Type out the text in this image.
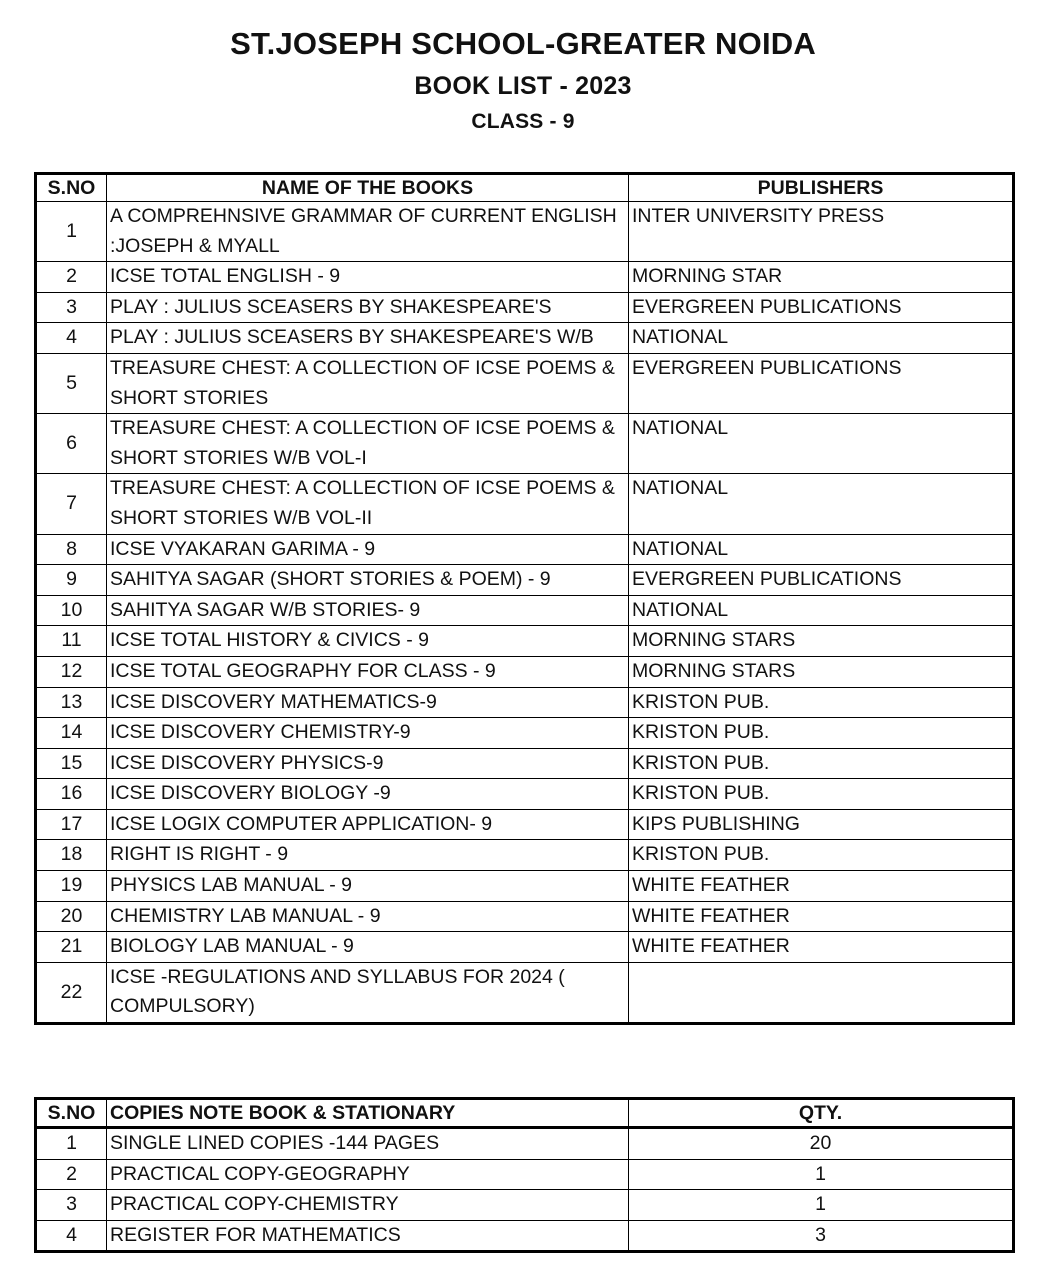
ST.JOSEPH SCHOOL-GREATER NOIDA
BOOK LIST - 2023
CLASS - 9
S.NO	NAME OF THE BOOKS	PUBLISHERS
1	A COMPREHNSIVE GRAMMAR OF CURRENT ENGLISH :JOSEPH & MYALL	INTER UNIVERSITY PRESS
2	ICSE TOTAL ENGLISH - 9	MORNING STAR
3	PLAY : JULIUS SCEASERS BY SHAKESPEARE'S	EVERGREEN PUBLICATIONS
4	PLAY : JULIUS SCEASERS BY SHAKESPEARE'S W/B	NATIONAL
5	TREASURE CHEST: A COLLECTION OF ICSE POEMS & SHORT STORIES	EVERGREEN PUBLICATIONS
6	TREASURE CHEST: A COLLECTION OF ICSE POEMS & SHORT STORIES W/B VOL-I	NATIONAL
7	TREASURE CHEST: A COLLECTION OF ICSE POEMS & SHORT STORIES W/B VOL-II	NATIONAL
8	ICSE VYAKARAN GARIMA - 9	NATIONAL
9	SAHITYA SAGAR (SHORT STORIES & POEM) - 9	EVERGREEN PUBLICATIONS
10	SAHITYA SAGAR W/B STORIES- 9	NATIONAL
11	ICSE TOTAL HISTORY & CIVICS - 9	MORNING STARS
12	ICSE TOTAL GEOGRAPHY FOR CLASS - 9	MORNING STARS
13	ICSE DISCOVERY MATHEMATICS-9	KRISTON PUB.
14	ICSE DISCOVERY CHEMISTRY-9	KRISTON PUB.
15	ICSE DISCOVERY PHYSICS-9	KRISTON PUB.
16	ICSE DISCOVERY BIOLOGY -9	KRISTON PUB.
17	ICSE LOGIX COMPUTER APPLICATION- 9	KIPS PUBLISHING
18	RIGHT IS RIGHT - 9	KRISTON PUB.
19	PHYSICS LAB MANUAL - 9	WHITE FEATHER
20	CHEMISTRY LAB MANUAL - 9	WHITE FEATHER
21	BIOLOGY LAB MANUAL - 9	WHITE FEATHER
22	ICSE -REGULATIONS AND SYLLABUS FOR 2024 ( COMPULSORY)	
S.NO	COPIES NOTE BOOK & STATIONARY	QTY.
1	SINGLE LINED COPIES -144 PAGES	20
2	PRACTICAL COPY-GEOGRAPHY	1
3	PRACTICAL COPY-CHEMISTRY	1
4	REGISTER FOR MATHEMATICS	3
